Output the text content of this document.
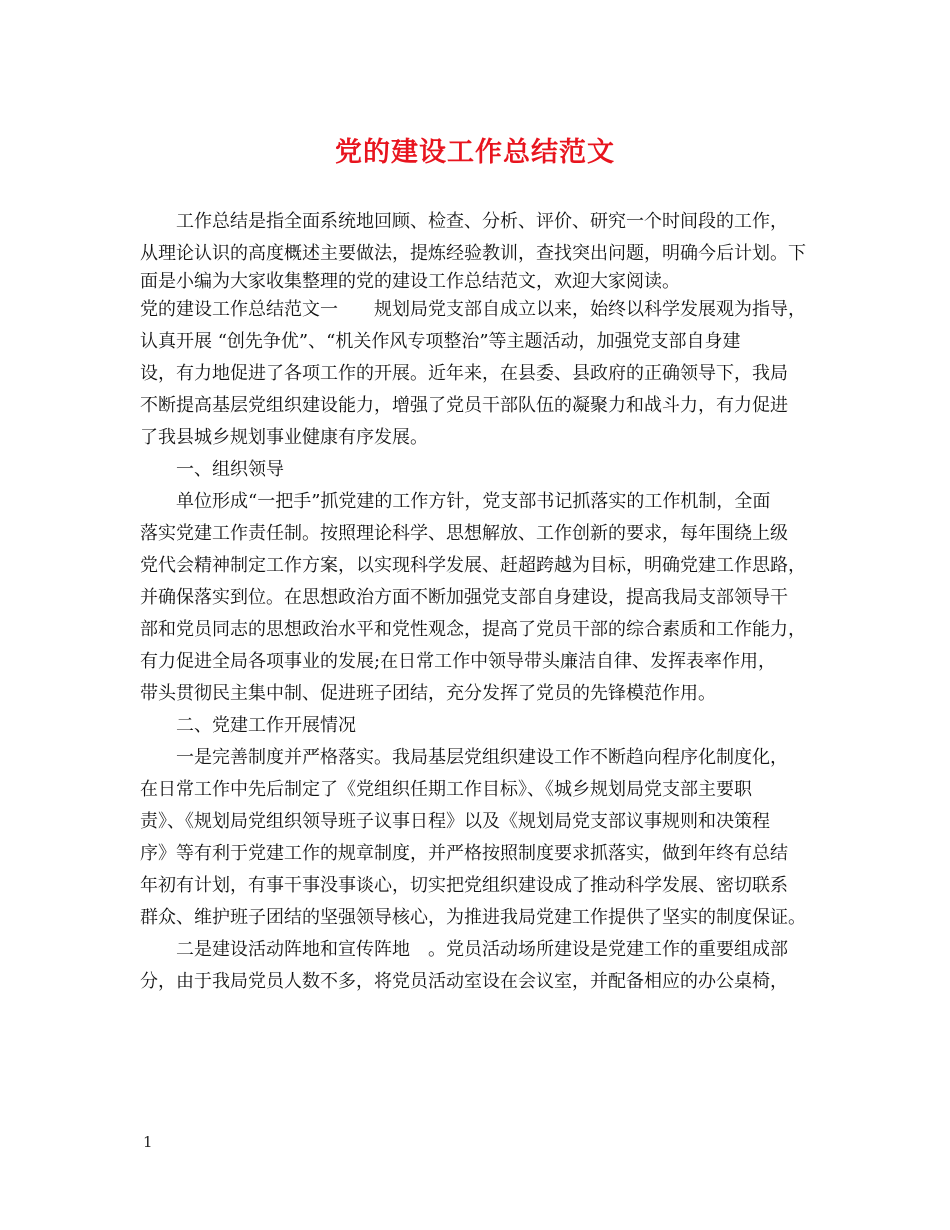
党的建设工作总结范文
工作总结是指全面系统地回顾、检查、分析、评价、研究一个时间段的工作，
从理论认识的高度概述主要做法，提炼经验教训，查找突出问题，明确今后计划。下
面是小编为大家收集整理的党的建设工作总结范文，欢迎大家阅读。
党的建设工作总结范文一　　规划局党支部自成立以来，始终以科学发展观为指导，
认真开展 “创先争优”、“机关作风专项整治”等主题活动，加强党支部自身建
设，有力地促进了各项工作的开展。近年来，在县委、县政府的正确领导下，我局
不断提高基层党组织建设能力，增强了党员干部队伍的凝聚力和战斗力，有力促进
了我县城乡规划事业健康有序发展。
一、组织领导
单位形成“一把手”抓党建的工作方针，党支部书记抓落实的工作机制，全面
落实党建工作责任制。按照理论科学、思想解放、工作创新的要求，每年围绕上级
党代会精神制定工作方案，以实现科学发展、赶超跨越为目标，明确党建工作思路，
并确保落实到位。在思想政治方面不断加强党支部自身建设，提高我局支部领导干
部和党员同志的思想政治水平和党性观念，提高了党员干部的综合素质和工作能力，
有力促进全局各项事业的发展;在日常工作中领导带头廉洁自律、发挥表率作用，
带头贯彻民主集中制、促进班子团结，充分发挥了党员的先锋模范作用。
二、党建工作开展情况
一是完善制度并严格落实。我局基层党组织建设工作不断趋向程序化制度化，
在日常工作中先后制定了《党组织任期工作目标》、《城乡规划局党支部主要职
责》、《规划局党组织领导班子议事日程》以及《规划局党支部议事规则和决策程
序》等有利于党建工作的规章制度，并严格按照制度要求抓落实，做到年终有总结
年初有计划，有事干事没事谈心，切实把党组织建设成了推动科学发展、密切联系
群众、维护班子团结的坚强领导核心，为推进我局党建工作提供了坚实的制度保证。
二是建设活动阵地和宣传阵地　。党员活动场所建设是党建工作的重要组成部
分，由于我局党员人数不多，将党员活动室设在会议室，并配备相应的办公桌椅，
1
